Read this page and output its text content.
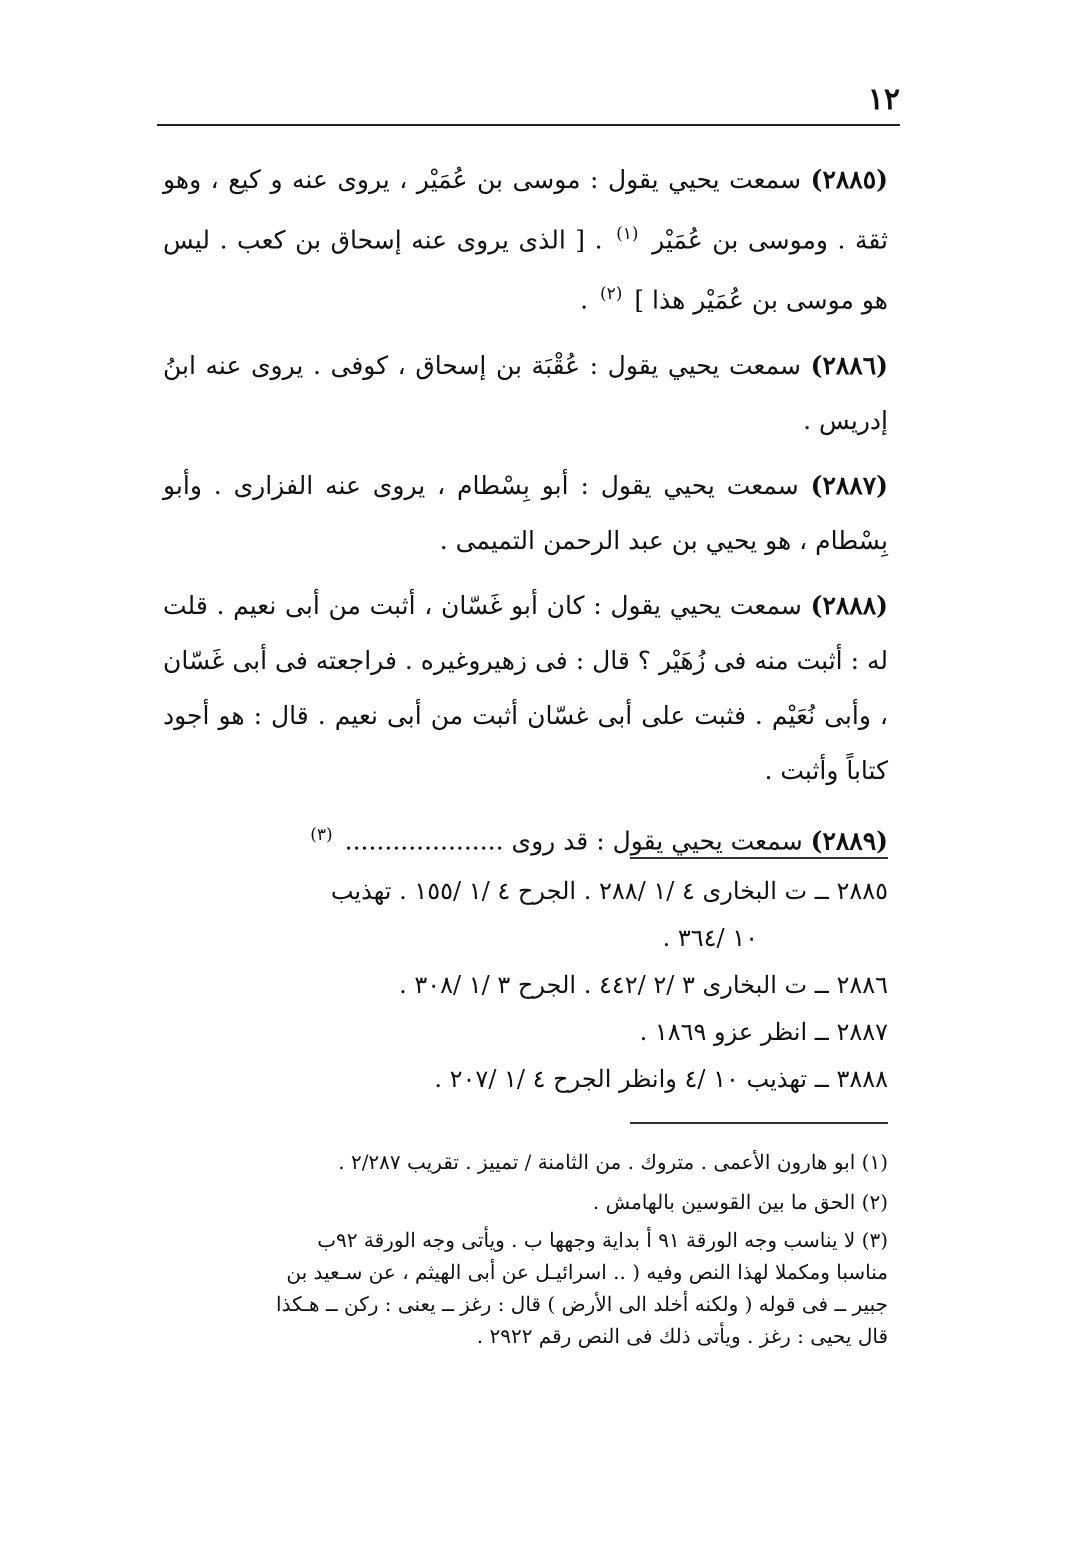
١٢

(٢٨٨٥) سمعت يحيي يقول : موسى بن عُمَيْر ، يروى عنه و كيع ، وهو ثقة . وموسى بن عُمَيْر $^{(١)}$ . [ الذى يروى عنه إسحاق بن كعب . ليس هو موسى بن عُمَيْر هذا ] $^{(٢)}$ .

(٢٨٨٦) سمعت يحيي يقول : عُقْبَة بن إسحاق ، كوفى . يروى عنه ابنُ إدريس .

(٢٨٨٧) سمعت يحيي يقول : أبو بِسْطام ، يروى عنه الفزارى . وأبو بِسْطام ، هو يحيي بن عبد الرحمن التميمى .

(٢٨٨٨) سمعت يحيي يقول : كان أبو غَسّان ، أثبت من أبى نعيم . قلت له : أثبت منه فى زُهَيْر ؟ قال : فى زهيروغيره . فراجعته فى أبى غَسّان ، وأبى نُعَيْم . فثبت على أبى غسّان أثبت من أبى نعيم . قال : هو أجود كتاباً وأثبت .

(٢٨٨٩) سمعت يحيي يقول : قد روى .................... $^{(٣)}$

٢٨٨٥ ــ ت البخارى ٤ /١ /٢٨٨ . الجرح ٤ /١ /١٥٥ . تهذيب

١٠ /٣٦٤ .

٢٨٨٦ ــ ت البخارى ٣ /٢ /٤٤٢ . الجرح ٣ /١ /٣٠٨ .

٢٨٨٧ ــ انظر عزو ١٨٦٩ .

٣٨٨٨ ــ تهذيب ١٠ /٤ وانظر الجرح ٤ /١ /٢٠٧ .

(١) ابو هارون الأعمى . متروك . من الثامنة / تمييز . تقريب ٢/٢٨٧ .

(٢) الحق ما بين القوسين بالهامش .

(٣) لا يناسب وجه الورقة ٩١ أ بداية وجهها ب . ويأتى وجه الورقة ٩٢ب
مناسبا ومكملا لهذا النص وفيه ( .. اسرائيـل عن أبى الهيثم ، عن سـعيد بن
جبير ــ فى قوله ( ولكنه أخلد الى الأرض ) قال : رغز ــ يعنى : ركن ــ هـكذا
قال يحيى : رغز . ويأتى ذلك فى النص رقم ٢٩٢٢ .
